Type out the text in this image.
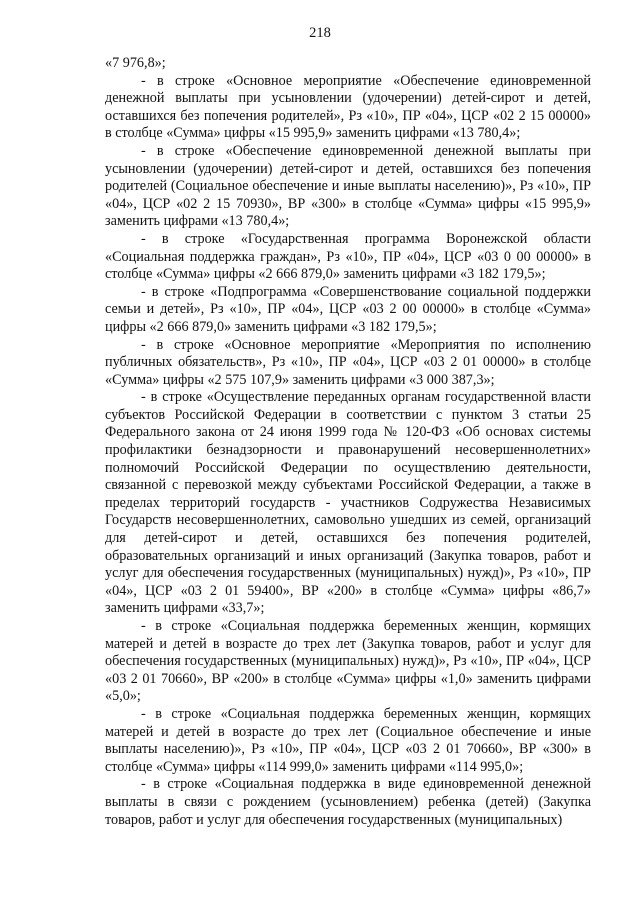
218

«7 976,8»;

- в строке «Основное мероприятие «Обеспечение единовременной денежной выплаты при усыновлении (удочерении) детей-сирот и детей, оставшихся без попечения родителей», Рз «10», ПР «04», ЦСР «02 2 15 00000» в столбце «Сумма» цифры «15 995,9» заменить цифрами «13 780,4»;

- в строке «Обеспечение единовременной денежной выплаты при усыновлении (удочерении) детей-сирот и детей, оставшихся без попечения родителей (Социальное обеспечение и иные выплаты населению)», Рз «10», ПР «04», ЦСР «02 2 15 70930», ВР «300» в столбце «Сумма» цифры «15 995,9» заменить цифрами «13 780,4»;

- в строке «Государственная программа Воронежской области «Социальная поддержка граждан», Рз «10», ПР «04», ЦСР «03 0 00 00000» в столбце «Сумма» цифры «2 666 879,0» заменить цифрами «3 182 179,5»;

- в строке «Подпрограмма «Совершенствование социальной поддержки семьи и детей», Рз «10», ПР «04», ЦСР «03 2 00 00000» в столбце «Сумма» цифры «2 666 879,0» заменить цифрами «3 182 179,5»;

- в строке «Основное мероприятие «Мероприятия по исполнению публичных обязательств», Рз «10», ПР «04», ЦСР «03 2 01 00000» в столбце «Сумма» цифры «2 575 107,9» заменить цифрами «3 000 387,3»;

- в строке «Осуществление переданных органам государственной власти субъектов Российской Федерации в соответствии с пунктом 3 статьи 25 Федерального закона от 24 июня 1999 года № 120-ФЗ «Об основах системы профилактики безнадзорности и правонарушений несовершеннолетних» полномочий Российской Федерации по осуществлению деятельности, связанной с перевозкой между субъектами Российской Федерации, а также в пределах территорий государств - участников Содружества Независимых Государств несовершеннолетних, самовольно ушедших из семей, организаций для детей-сирот и детей, оставшихся без попечения родителей, образовательных организаций и иных организаций (Закупка товаров, работ и услуг для обеспечения государственных (муниципальных) нужд)», Рз «10», ПР «04», ЦСР «03 2 01 59400», ВР «200» в столбце «Сумма» цифры «86,7» заменить цифрами «33,7»;

- в строке «Социальная поддержка беременных женщин, кормящих матерей и детей в возрасте до трех лет (Закупка товаров, работ и услуг для обеспечения государственных (муниципальных) нужд)», Рз «10», ПР «04», ЦСР «03 2 01 70660», ВР «200» в столбце «Сумма» цифры «1,0» заменить цифрами «5,0»;

- в строке «Социальная поддержка беременных женщин, кормящих матерей и детей в возрасте до трех лет (Социальное обеспечение и иные выплаты населению)», Рз «10», ПР «04», ЦСР «03 2 01 70660», ВР «300» в столбце «Сумма» цифры «114 999,0» заменить цифрами «114 995,0»;

- в строке «Социальная поддержка в виде единовременной денежной выплаты в связи с рождением (усыновлением) ребенка (детей) (Закупка товаров, работ и услуг для обеспечения государственных (муниципальных)
